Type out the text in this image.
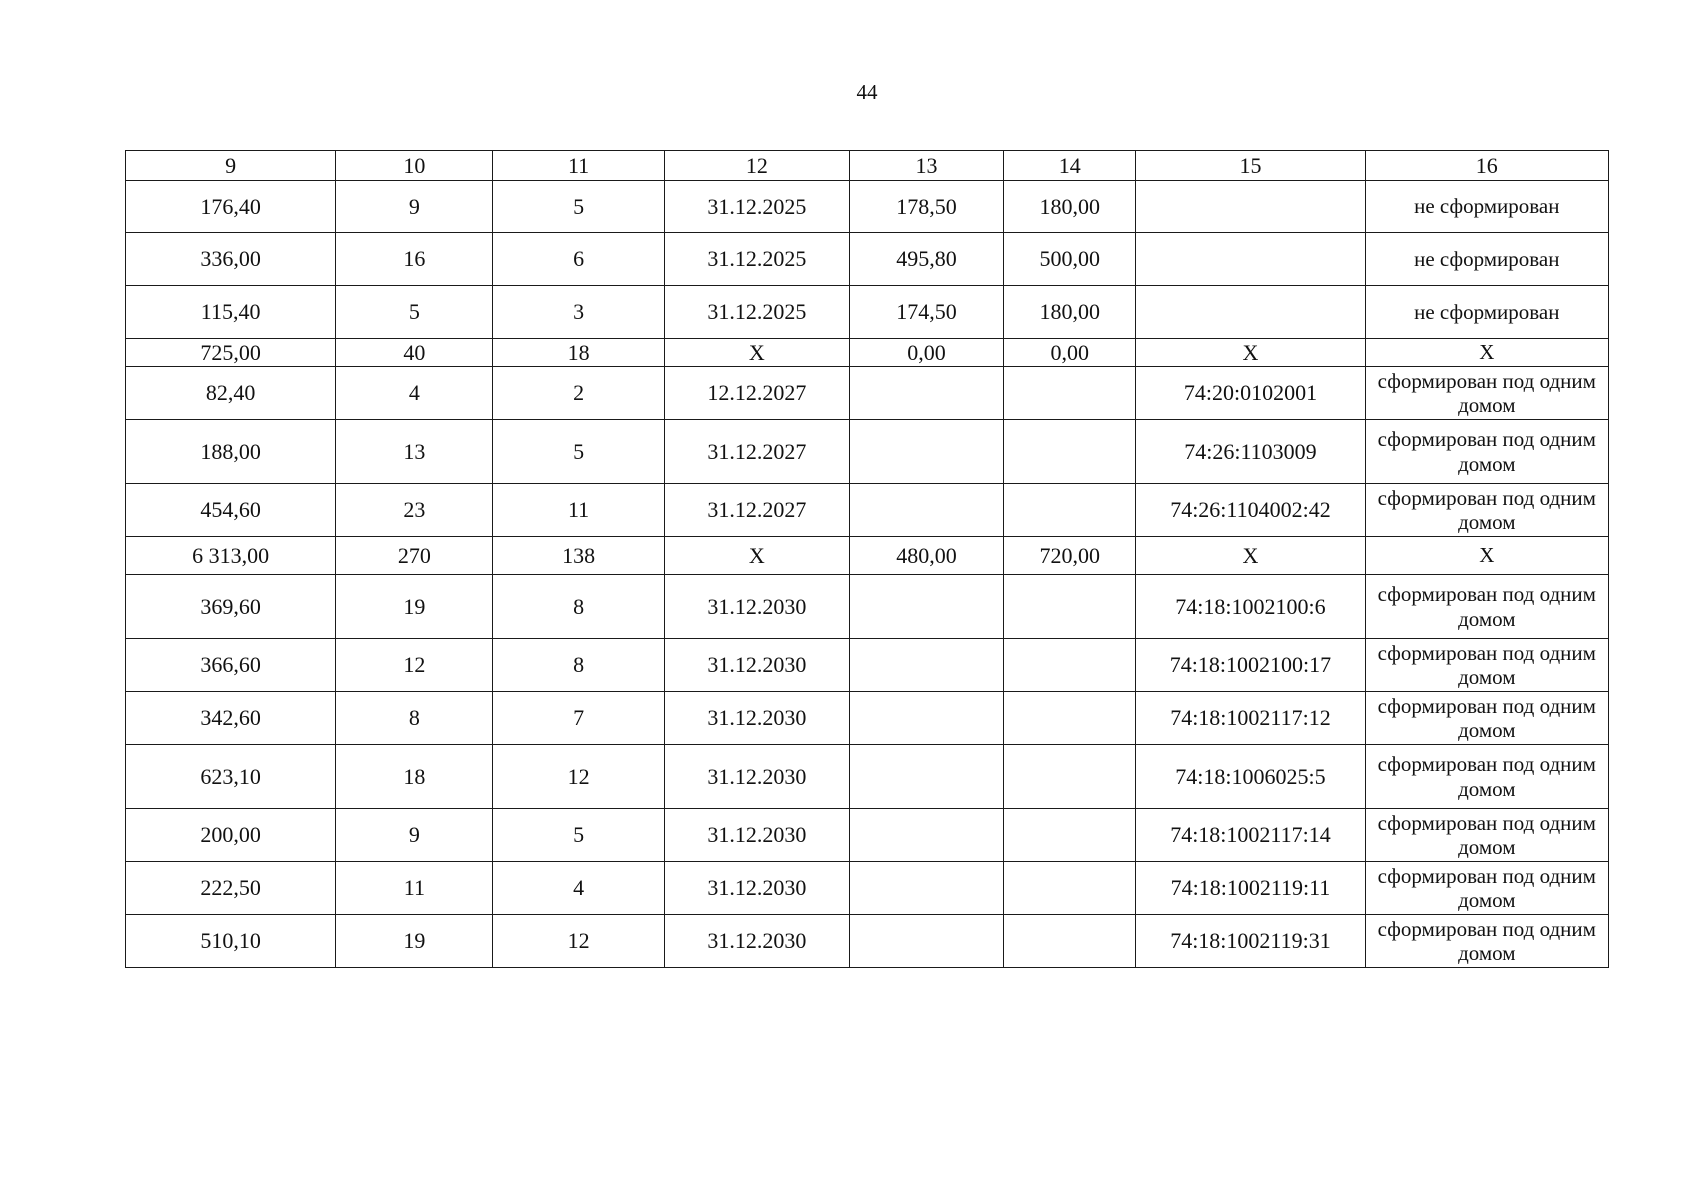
44
9	10	11	12	13	14	15	16
176,40	9	5	31.12.2025	178,50	180,00		не сформирован
336,00	16	6	31.12.2025	495,80	500,00		не сформирован
115,40	5	3	31.12.2025	174,50	180,00		не сформирован
725,00	40	18	X	0,00	0,00	X	X
82,40	4	2	12.12.2027			74:20:0102001	сформирован под одним домом
188,00	13	5	31.12.2027			74:26:1103009	сформирован под одним домом
454,60	23	11	31.12.2027			74:26:1104002:42	сформирован под одним домом
6 313,00	270	138	X	480,00	720,00	X	X
369,60	19	8	31.12.2030			74:18:1002100:6	сформирован под одним домом
366,60	12	8	31.12.2030			74:18:1002100:17	сформирован под одним домом
342,60	8	7	31.12.2030			74:18:1002117:12	сформирован под одним домом
623,10	18	12	31.12.2030			74:18:1006025:5	сформирован под одним домом
200,00	9	5	31.12.2030			74:18:1002117:14	сформирован под одним домом
222,50	11	4	31.12.2030			74:18:1002119:11	сформирован под одним домом
510,10	19	12	31.12.2030			74:18:1002119:31	сформирован под одним домом
